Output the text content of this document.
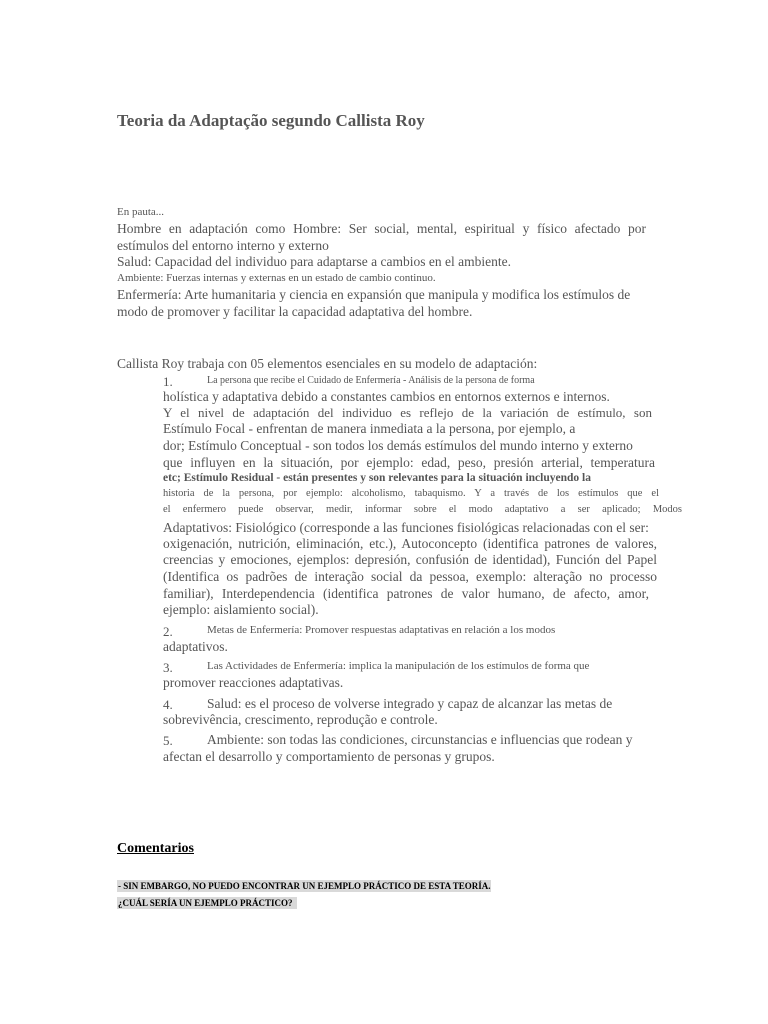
Teoria da Adaptação segundo Callista Roy
En pauta...
Hombre en adaptación como Hombre: Ser social, mental, espiritual y físico afectado por
estímulos del entorno interno y externo
Salud: Capacidad del individuo para adaptarse a cambios en el ambiente.
Ambiente: Fuerzas internas y externas en un estado de cambio continuo.
Enfermería: Arte humanitaria y ciencia en expansión que manipula y modifica los estímulos de
modo de promover y facilitar la capacidad adaptativa del hombre.
Callista Roy trabaja con 05 elementos esenciales en su modelo de adaptación:
1.	La persona que recibe el Cuidado de Enfermería - Análisis de la persona de forma
holística y adaptativa debido a constantes cambios en entornos externos e internos.
Y el nivel de adaptación del individuo es reflejo de la variación de estímulo, son
Estímulo Focal - enfrentan de manera inmediata a la persona, por ejemplo, a
dor; Estímulo Conceptual - son todos los demás estímulos del mundo interno y externo
que influyen en la situación, por ejemplo: edad, peso, presión arterial, temperatura
etc; Estímulo Residual - están presentes y son relevantes para la situación incluyendo la
historia de la persona, por ejemplo: alcoholismo, tabaquismo. Y a través de los estímulos que el
el enfermero puede observar, medir, informar sobre el modo adaptativo a ser aplicado; Modos
Adaptativos: Fisiológico (corresponde a las funciones fisiológicas relacionadas con el ser:
oxigenación, nutrición, eliminación, etc.), Autoconcepto (identifica patrones de valores,
creencias y emociones, ejemplos: depresión, confusión de identidad), Función del Papel
(Identifica os padrões de interação social da pessoa, exemplo: alteração no processo
familiar), Interdependencia (identifica patrones de valor humano, de afecto, amor,
ejemplo: aislamiento social).
2.	Metas de Enfermería: Promover respuestas adaptativas en relación a los modos
adaptativos.
3.	Las Actividades de Enfermería: implica la manipulación de los estímulos de forma que
promover reacciones adaptativas.
4.	Salud: es el proceso de volverse integrado y capaz de alcanzar las metas de
sobrevivência, crescimento, reprodução e controle.
5.	Ambiente: son todas las condiciones, circunstancias e influencias que rodean y
afectan el desarrollo y comportamiento de personas y grupos.
Comentarios
- SIN EMBARGO, NO PUEDO ENCONTRAR UN EJEMPLO PRÁCTICO DE ESTA TEORÍA.
¿CUÁL SERÍA UN EJEMPLO PRÁCTICO?
